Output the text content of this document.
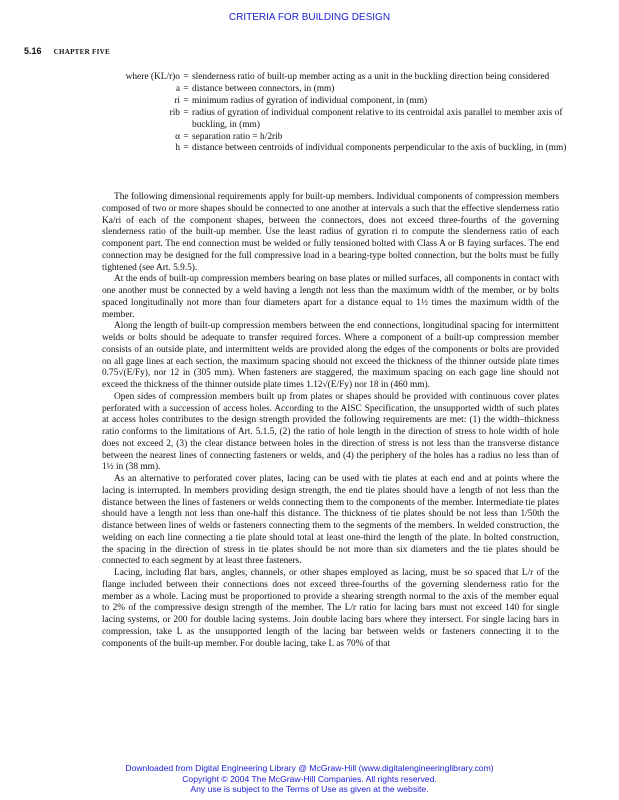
CRITERIA FOR BUILDING DESIGN
5.16 CHAPTER FIVE
where (KL/r)o = slenderness ratio of built-up member acting as a unit in the buckling direction being considered
a = distance between connectors, in (mm)
ri = minimum radius of gyration of individual component, in (mm)
rib = radius of gyration of individual component relative to its centroidal axis parallel to member axis of buckling, in (mm)
α = separation ratio = h/2rib
h = distance between centroids of individual components perpendicular to the axis of buckling, in (mm)

The following dimensional requirements apply for built-up members. Individual components of compression members composed of two or more shapes should be connected to one another at intervals a such that the effective slenderness ratio Ka/ri of each of the component shapes, between the connectors, does not exceed three-fourths of the governing slenderness ratio of the built-up member. Use the least radius of gyration ri to compute the slenderness ratio of each component part. The end connection must be welded or fully tensioned bolted with Class A or B faying surfaces. The end connection may be designed for the full compressive load in a bearing-type bolted connection, but the bolts must be fully tightened (see Art. 5.9.5).

At the ends of built-up compression members bearing on base plates or milled surfaces, all components in contact with one another must be connected by a weld having a length not less than the maximum width of the member, or by bolts spaced longitudinally not more than four diameters apart for a distance equal to 1½ times the maximum width of the member.

Along the length of built-up compression members between the end connections, longitudinal spacing for intermittent welds or bolts should be adequate to transfer required forces. Where a component of a built-up compression member consists of an outside plate, and intermittent welds are provided along the edges of the components or bolts are provided on all gage lines at each section, the maximum spacing should not exceed the thickness of the thinner outside plate times 0.75√(E/Fy), nor 12 in (305 mm). When fasteners are staggered, the maximum spacing on each gage line should not exceed the thickness of the thinner outside plate times 1.12√(E/Fy) nor 18 in (460 mm).

Open sides of compression members built up from plates or shapes should be provided with continuous cover plates perforated with a succession of access holes. According to the AISC Specification, the unsupported width of such plates at access holes contributes to the design strength provided the following requirements are met: (1) the width–thickness ratio conforms to the limitations of Art. 5.1.5, (2) the ratio of hole length in the direction of stress to hole width of hole does not exceed 2, (3) the clear distance between holes in the direction of stress is not less than the transverse distance between the nearest lines of connecting fasteners or welds, and (4) the periphery of the holes has a radius no less than of 1½ in (38 mm).

As an alternative to perforated cover plates, lacing can be used with tie plates at each end and at points where the lacing is interrupted. In members providing design strength, the end tie plates should have a length of not less than the distance between the lines of fasteners or welds connecting them to the components of the member. Intermediate tie plates should have a length not less than one-half this distance. The thickness of tie plates should be not less than 1/50th the distance between lines of welds or fasteners connecting them to the segments of the members. In welded construction, the welding on each line connecting a tie plate should total at least one-third the length of the plate. In bolted construction, the spacing in the direction of stress in tie plates should be not more than six diameters and the tie plates should be connected to each segment by at least three fasteners.

Lacing, including flat bars, angles, channels, or other shapes employed as lacing, must be so spaced that L/r of the flange included between their connections does not exceed three-fourths of the governing slenderness ratio for the member as a whole. Lacing must be proportioned to provide a shearing strength normal to the axis of the member equal to 2% of the compressive design strength of the member. The L/r ratio for lacing bars must not exceed 140 for single lacing systems, or 200 for double lacing systems. Join double lacing bars where they intersect. For single lacing bars in compression, take L as the unsupported length of the lacing bar between welds or fasteners connecting it to the components of the built-up member. For double lacing, take L as 70% of that

Downloaded from Digital Engineering Library @ McGraw-Hill (www.digitalengineeringlibrary.com)
Copyright © 2004 The McGraw-Hill Companies. All rights reserved.
Any use is subject to the Terms of Use as given at the website.
